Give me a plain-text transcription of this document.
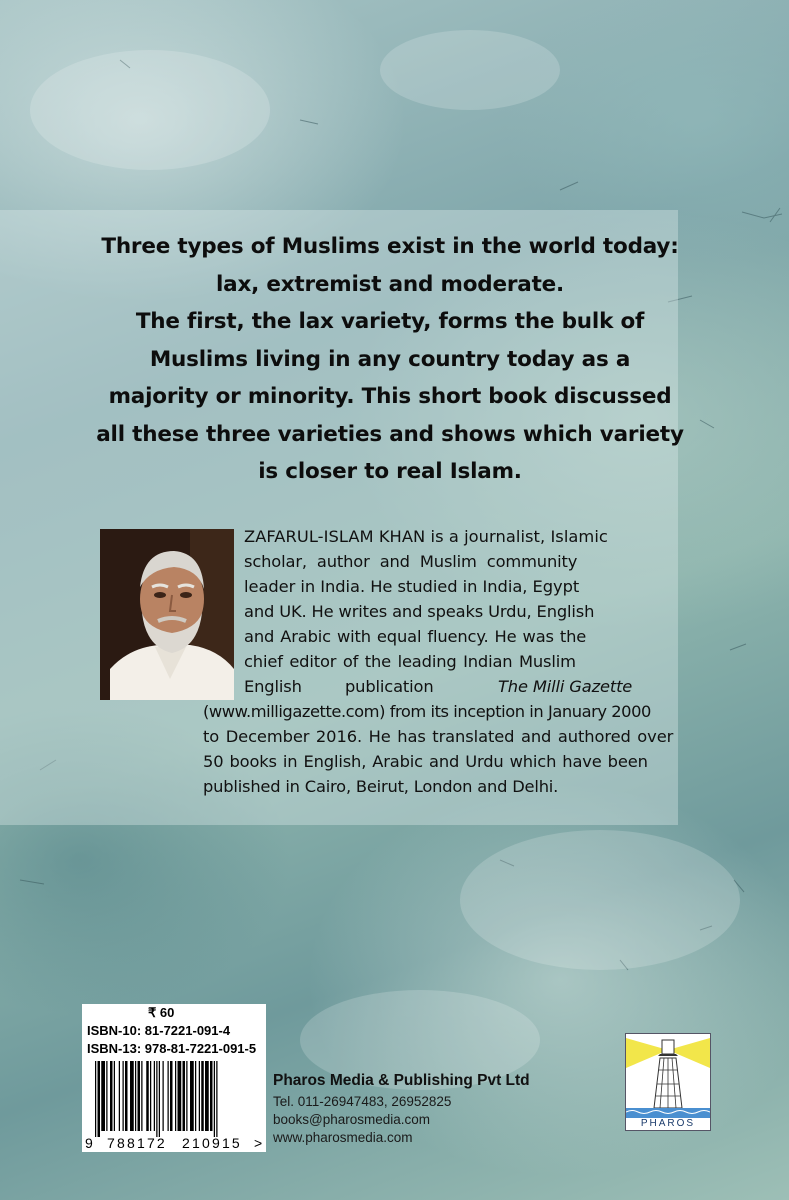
Three types of Muslims exist in the world today:
lax, extremist and moderate.
The first, the lax variety, forms the bulk of
Muslims living in any country today as a
majority or minority. This short book discussed
all these three varieties and shows which variety
is closer to real Islam.
ZAFARUL-ISLAM KHAN is a journalist, Islamic
scholar, author and Muslim community
leader in India. He studied in India, Egypt
and UK. He writes and speaks Urdu, English
and Arabic with equal fluency. He was the
chief editor of the leading Indian Muslim
English	publication	The Milli Gazette
(www.milligazette.com) from its inception in January 2000
to December 2016. He has translated and authored over
50 books in English, Arabic and Urdu which have been
published in Cairo, Beirut, London and Delhi.
₹ 60
ISBN-10: 81-7221-091-4
ISBN-13: 978-81-7221-091-5
9 788172 210915 >
Pharos Media & Publishing Pvt Ltd
Tel. 011-26947483, 26952825
books@pharosmedia.com
www.pharosmedia.com
PHAROS
